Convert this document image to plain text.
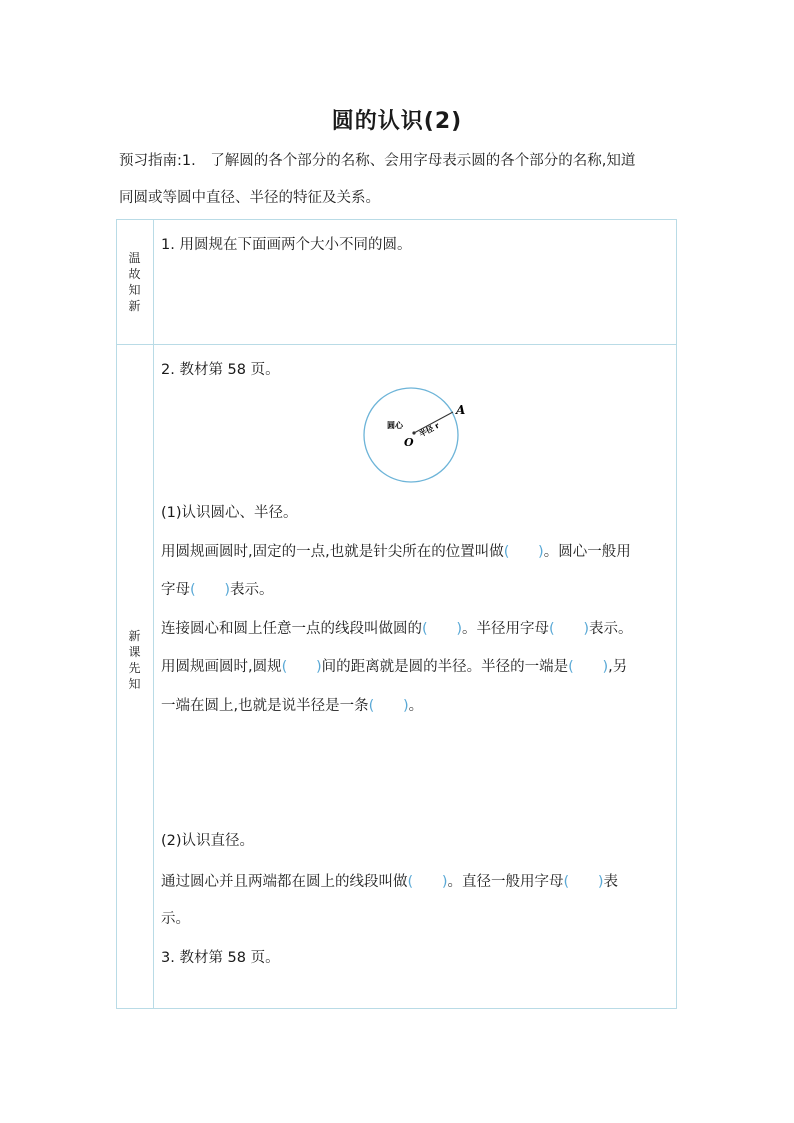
圆的认识(2)
预习指南:1.　了解圆的各个部分的名称、会用字母表示圆的各个部分的名称,知道
同圆或等圆中直径、半径的特征及关系。
温
故
知
新
新
课
先
知
1. 用圆规在下面画两个大小不同的圆。
2. 教材第 58 页。
圆心
O
A
半径 r
(1)认识圆心、半径。
用圆规画圆时,固定的一点,也就是针尖所在的位置叫做 ( ) 。圆心一般用
字母 ( ) 表示。
连接圆心和圆上任意一点的线段叫做圆的 ( ) 。半径用字母 ( ) 表示。
用圆规画圆时,圆规 ( ) 间的距离就是圆的半径。半径的一端是 ( ) ,另
一端在圆上,也就是说半径是一条 ( ) 。
(2)认识直径。
通过圆心并且两端都在圆上的线段叫做 ( ) 。直径一般用字母 ( ) 表
示。
3. 教材第 58 页。
